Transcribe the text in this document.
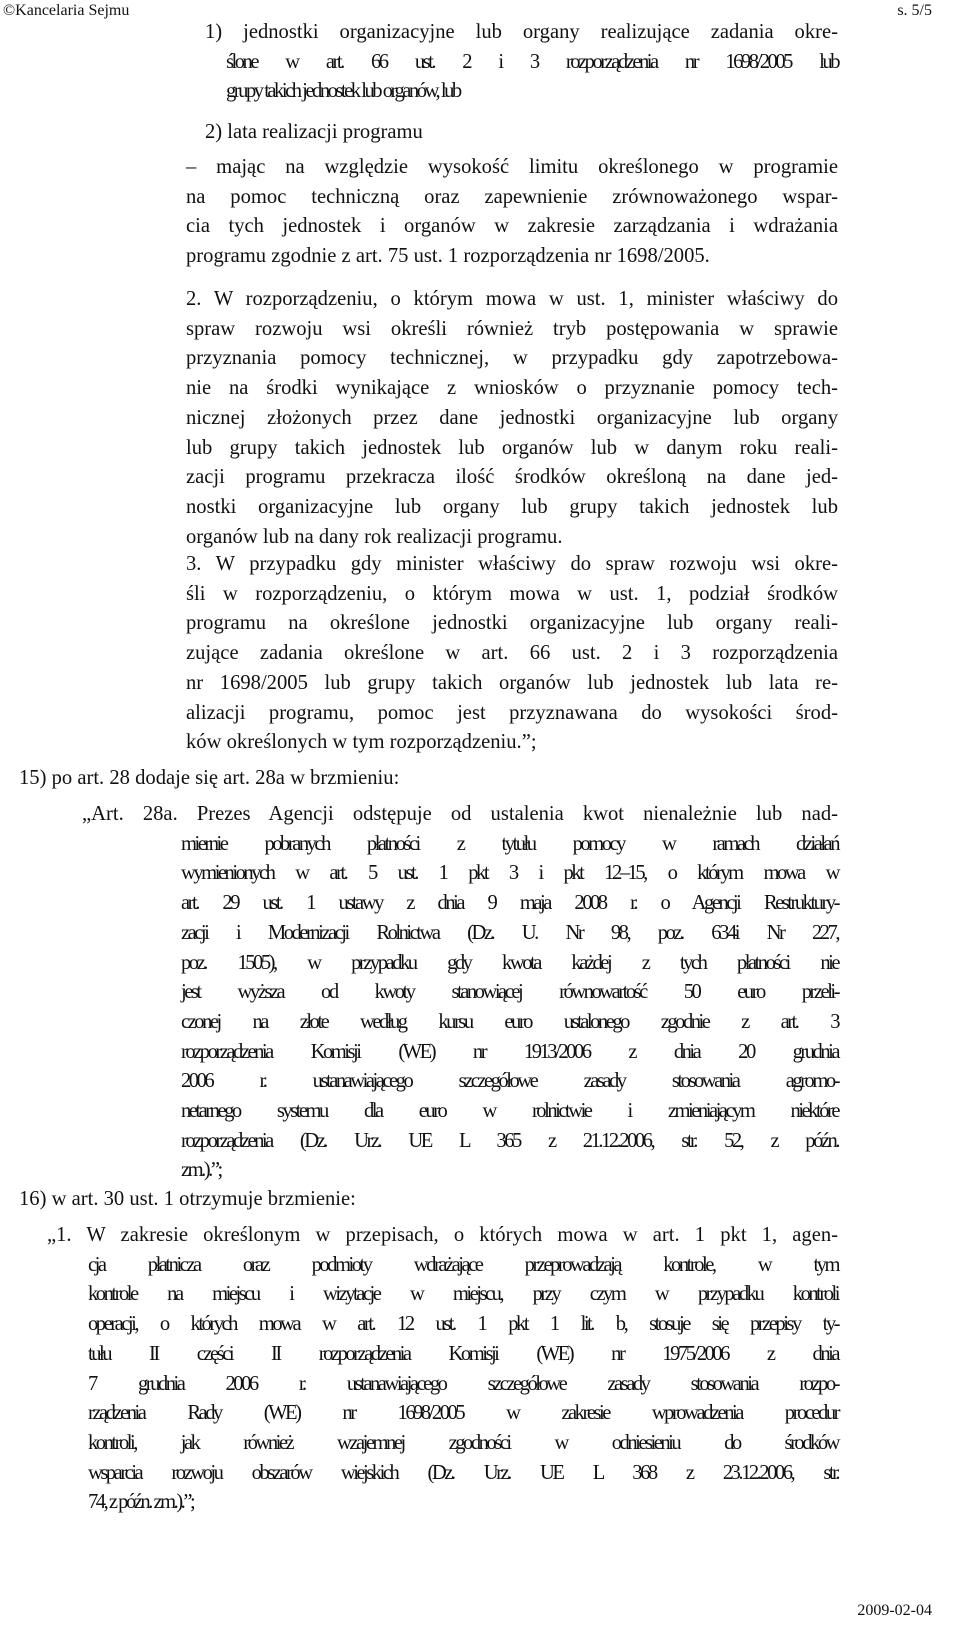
©Kancelaria Sejmu	s. 5/5
1) jednostki organizacyjne lub organy realizujące zadania okre-
ślone w art. 66 ust. 2 i 3 rozporządzenia nr 1698/2005 lub
grupy takich jednostek lub organów, lub
2) lata realizacji programu
– mając na względzie wysokość limitu określonego w programie
na pomoc techniczną oraz zapewnienie zrównoważonego wspar-
cia tych jednostek i organów w zakresie zarządzania i wdrażania
programu zgodnie z art. 75 ust. 1 rozporządzenia nr 1698/2005.
2. W rozporządzeniu, o którym mowa w ust. 1, minister właściwy do
spraw rozwoju wsi określi również tryb postępowania w sprawie
przyznania pomocy technicznej, w przypadku gdy zapotrzebowa-
nie na środki wynikające z wniosków o przyznanie pomocy tech-
nicznej złożonych przez dane jednostki organizacyjne lub organy
lub grupy takich jednostek lub organów lub w danym roku reali-
zacji programu przekracza ilość środków określoną na dane jed-
nostki organizacyjne lub organy lub grupy takich jednostek lub
organów lub na dany rok realizacji programu.
3. W przypadku gdy minister właściwy do spraw rozwoju wsi okre-
śli w rozporządzeniu, o którym mowa w ust. 1, podział środków
programu na określone jednostki organizacyjne lub organy reali-
zujące zadania określone w art. 66 ust. 2 i 3 rozporządzenia
nr 1698/2005 lub grupy takich organów lub jednostek lub lata re-
alizacji programu, pomoc jest przyznawana do wysokości środ-
ków określonych w tym rozporządzeniu.”;
15) po art. 28 dodaje się art. 28a w brzmieniu:
„Art. 28a. Prezes Agencji odstępuje od ustalenia kwot nienależnie lub nad-
miernie pobranych płatności z tytułu pomocy w ramach działań
wymienionych w art. 5 ust. 1 pkt 3 i pkt 12–15, o którym mowa w
art. 29 ust. 1 ustawy z dnia 9 maja 2008 r. o Agencji Restruktury-
zacji i Modernizacji Rolnictwa (Dz. U. Nr 98, poz. 634i Nr 227,
poz. 1505), w przypadku gdy kwota każdej z tych płatności nie
jest wyższa od kwoty stanowiącej równowartość 50 euro przeli-
czonej na złote według kursu euro ustalonego zgodnie z art. 3
rozporządzenia Komisji (WE) nr 1913/2006 z dnia 20 grudnia
2006 r. ustanawiającego szczegółowe zasady stosowania agromo-
netarnego systemu dla euro w rolnictwie i zmieniającym niektóre
rozporządzenia (Dz. Urz. UE L 365 z 21.12.2006, str. 52, z późn.
zm.).”;
16) w art. 30 ust. 1 otrzymuje brzmienie:
„1. W zakresie określonym w przepisach, o których mowa w art. 1 pkt 1, agen-
cja płatnicza oraz podmioty wdrażające przeprowadzają kontrole, w tym
kontrole na miejscu i wizytacje w miejscu, przy czym w przypadku kontroli
operacji, o których mowa w art. 12 ust. 1 pkt 1 lit. b, stosuje się przepisy ty-
tułu II części II rozporządzenia Komisji (WE) nr 1975/2006 z dnia
7 grudnia 2006 r. ustanawiającego szczegółowe zasady stosowania rozpo-
rządzenia Rady (WE) nr 1698/2005 w zakresie wprowadzenia procedur
kontroli, jak również wzajemnej zgodności w odniesieniu do środków
wsparcia rozwoju obszarów wiejskich (Dz. Urz. UE L 368 z 23.12.2006, str.
74, z późn. zm.).”;
2009-02-04
